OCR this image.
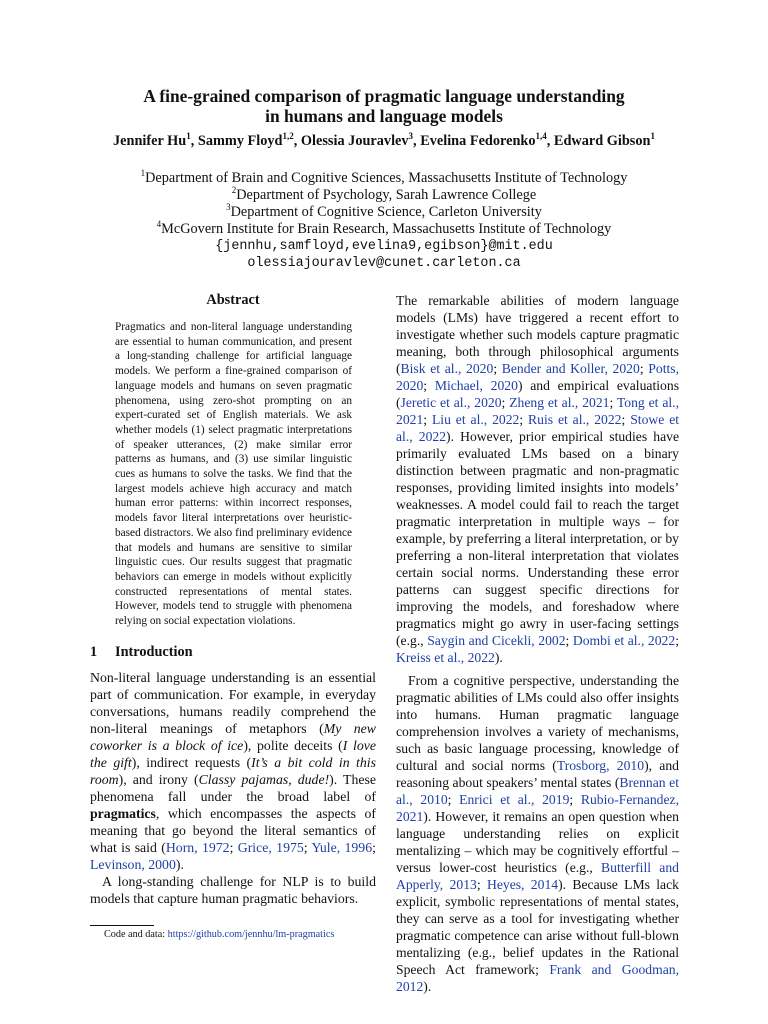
A fine-grained comparison of pragmatic language understanding
in humans and language models
Jennifer Hu$^1$, Sammy Floyd$^{1,2}$, Olessia Jouravlev$^3$, Evelina Fedorenko$^{1,4}$, Edward Gibson$^1$
$^1$Department of Brain and Cognitive Sciences, Massachusetts Institute of Technology
$^2$Department of Psychology, Sarah Lawrence College
$^3$Department of Cognitive Science, Carleton University
$^4$McGovern Institute for Brain Research, Massachusetts Institute of Technology
{jennhu,samfloyd,evelina9,egibson}@mit.edu
olessiajouravlev@cunet.carleton.ca
Abstract

Pragmatics and non-literal language understanding are essential to human communication, and present a long-standing challenge for artificial language models. We perform a fine-grained comparison of language models and humans on seven pragmatic phenomena, using zero-shot prompting on an expert-curated set of English materials. We ask whether models (1) select pragmatic interpretations of speaker utterances, (2) make similar error patterns as humans, and (3) use similar linguistic cues as humans to solve the tasks. We find that the largest models achieve high accuracy and match human error patterns: within incorrect responses, models favor literal interpretations over heuristic-based distractors. We also find preliminary evidence that models and humans are sensitive to similar linguistic cues. Our results suggest that pragmatic behaviors can emerge in models without explicitly constructed representations of mental states. However, models tend to struggle with phenomena relying on social expectation violations.

1 Introduction

Non-literal language understanding is an essential part of communication. For example, in everyday conversations, humans readily comprehend the non-literal meanings of metaphors (My new coworker is a block of ice), polite deceits (I love the gift), indirect requests (It’s a bit cold in this room), and irony (Classy pajamas, dude!). These phenomena fall under the broad label of pragmatics, which encompasses the aspects of meaning that go beyond the literal semantics of what is said (Horn, 1972; Grice, 1975; Yule, 1996; Levinson, 2000).

A long-standing challenge for NLP is to build models that capture human pragmatic behaviors.

The remarkable abilities of modern language models (LMs) have triggered a recent effort to investigate whether such models capture pragmatic meaning, both through philosophical arguments (Bisk et al., 2020; Bender and Koller, 2020; Potts, 2020; Michael, 2020) and empirical evaluations (Jeretic et al., 2020; Zheng et al., 2021; Tong et al., 2021; Liu et al., 2022; Ruis et al., 2022; Stowe et al., 2022). However, prior empirical studies have primarily evaluated LMs based on a binary distinction between pragmatic and non-pragmatic responses, providing limited insights into models’ weaknesses. A model could fail to reach the target pragmatic interpretation in multiple ways – for example, by preferring a literal interpretation, or by preferring a non-literal interpretation that violates certain social norms. Understanding these error patterns can suggest specific directions for improving the models, and foreshadow where pragmatics might go awry in user-facing settings (e.g., Saygin and Cicekli, 2002; Dombi et al., 2022; Kreiss et al., 2022).

From a cognitive perspective, understanding the pragmatic abilities of LMs could also offer insights into humans. Human pragmatic language comprehension involves a variety of mechanisms, such as basic language processing, knowledge of cultural and social norms (Trosborg, 2010), and reasoning about speakers’ mental states (Brennan et al., 2010; Enrici et al., 2019; Rubio-Fernandez, 2021). However, it remains an open question when language understanding relies on explicit mentalizing – which may be cognitively effortful – versus lower-cost heuristics (e.g., Butterfill and Apperly, 2013; Heyes, 2014). Because LMs lack explicit, symbolic representations of mental states, they can serve as a tool for investigating whether pragmatic competence can arise without full-blown mentalizing (e.g., belief updates in the Rational Speech Act framework; Frank and Goodman, 2012).

Code and data: https://github.com/jennhu/lm-pragmatics
